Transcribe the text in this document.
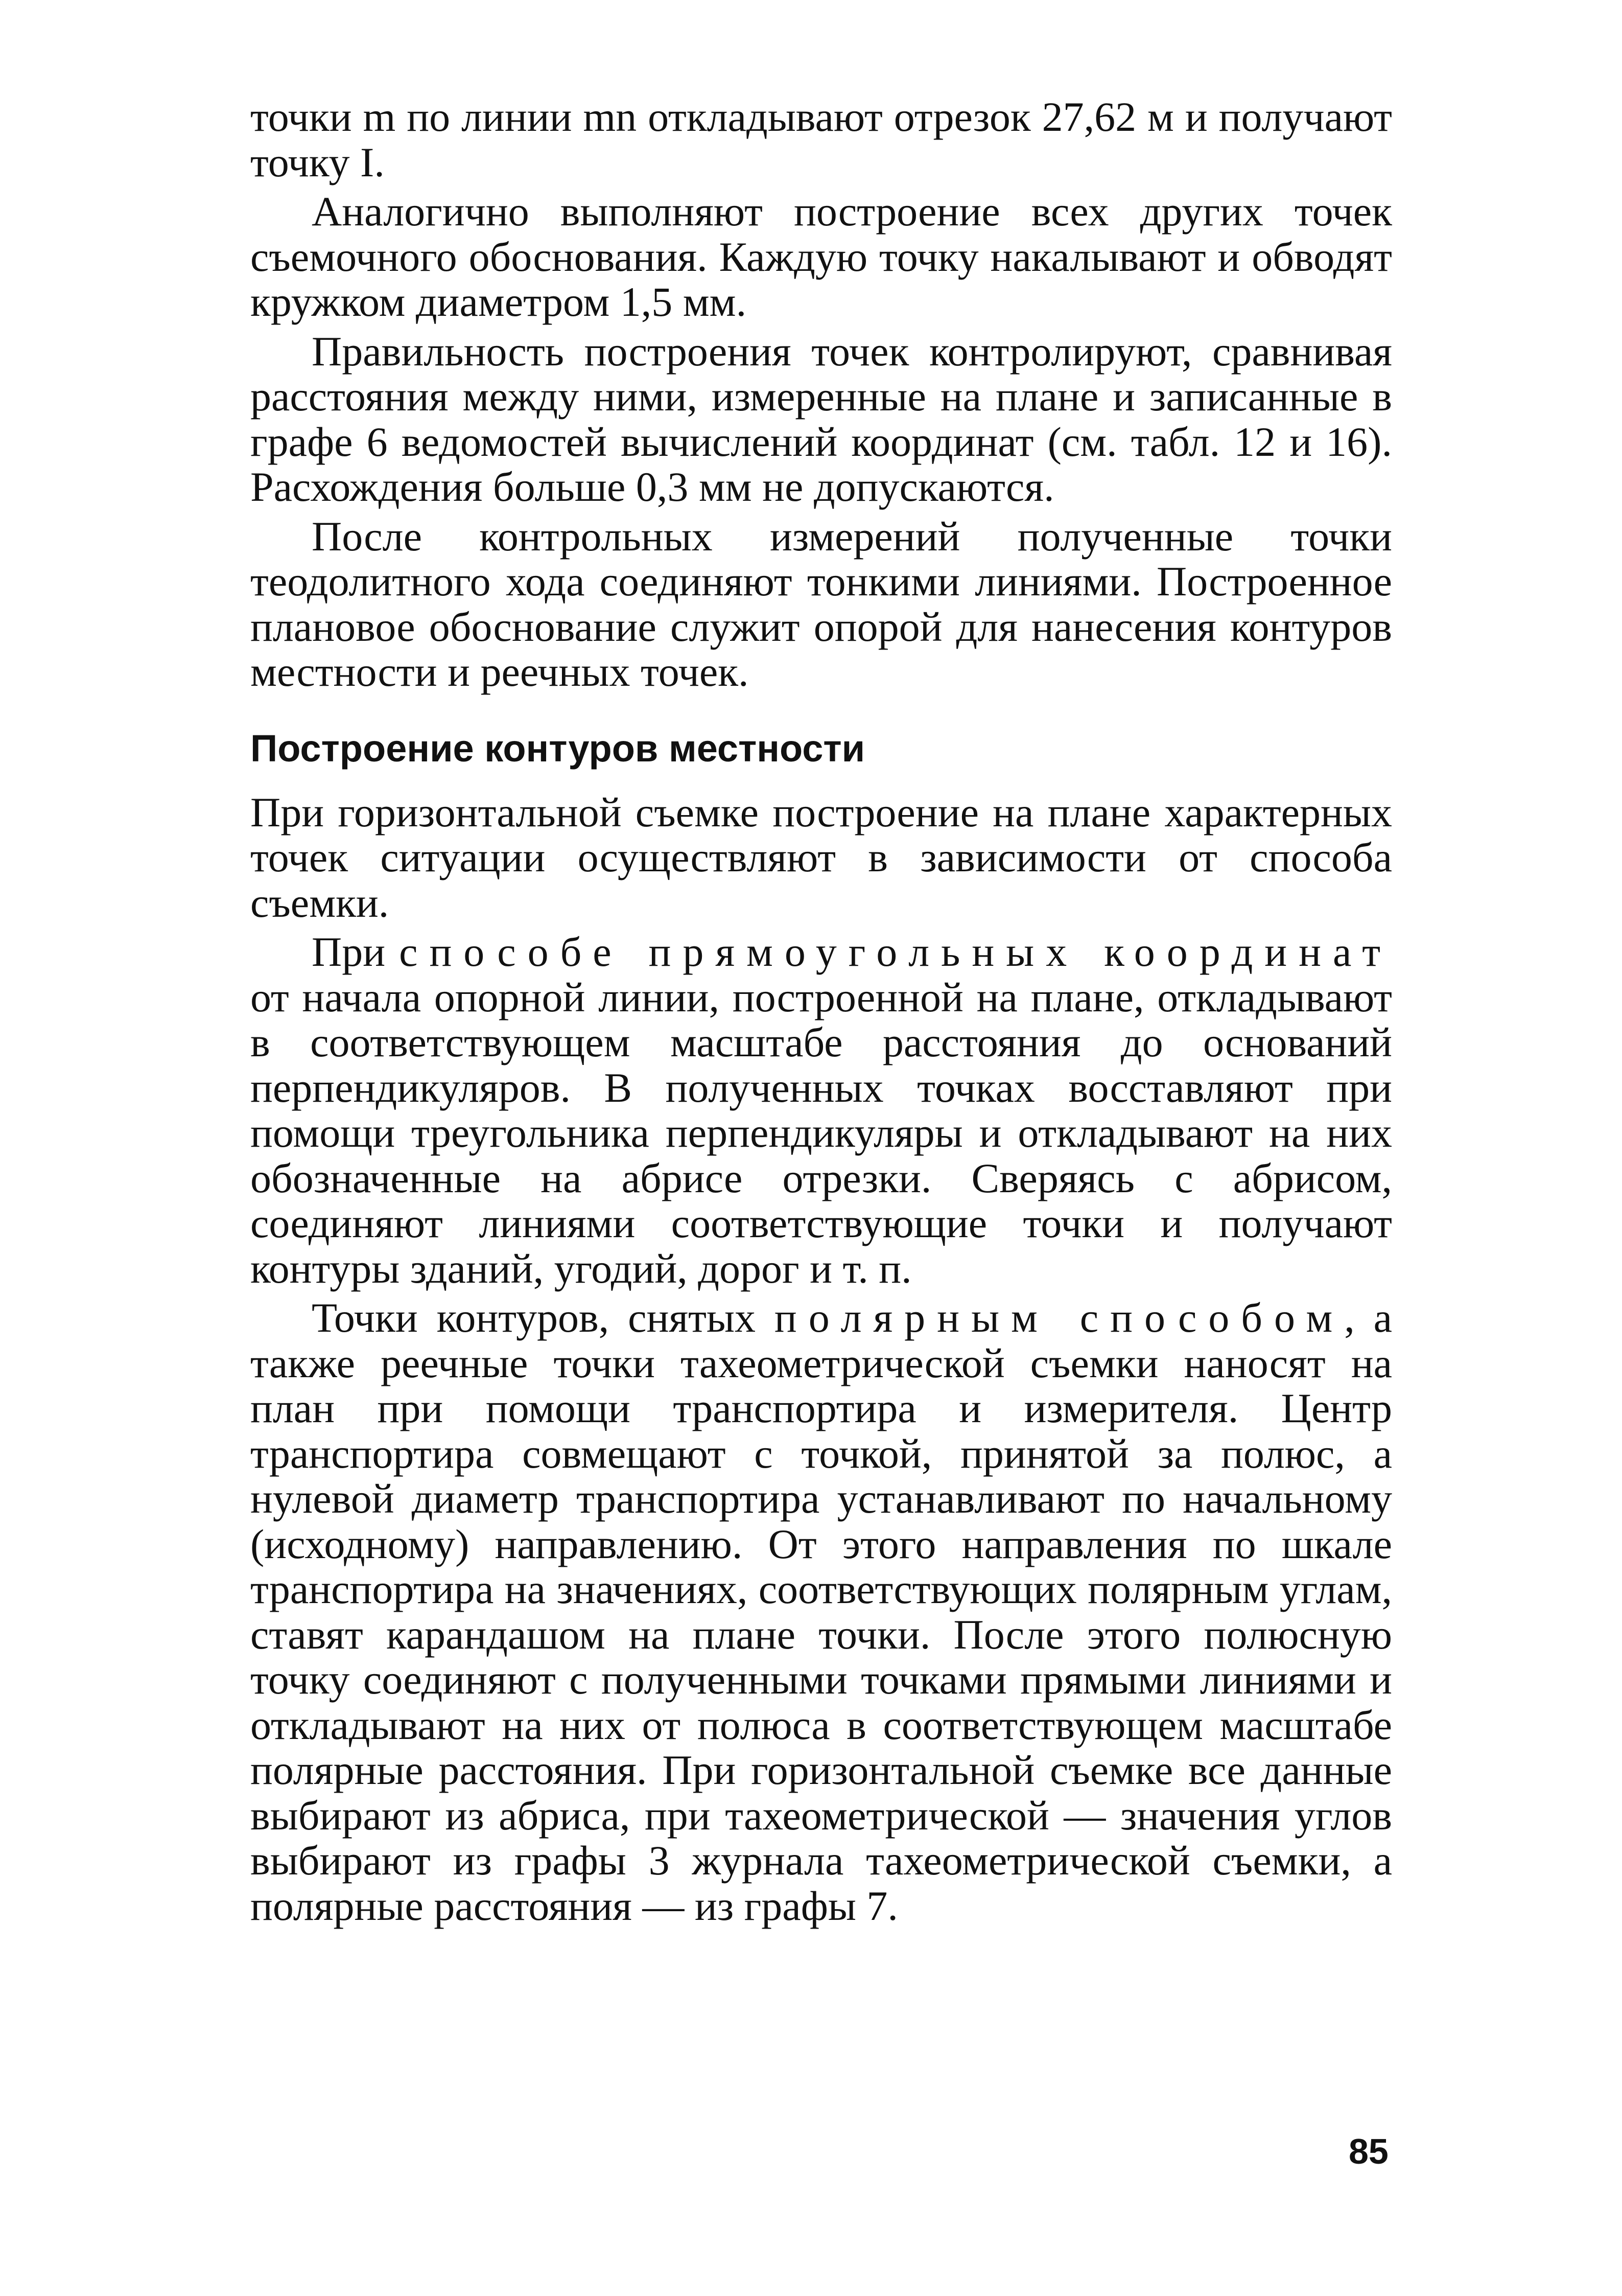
точки m по линии mn откладывают отрезок 27,62 м и получают точку I.

Аналогично выполняют построение всех других точек съемочного обоснования. Каждую точку накалывают и обводят кружком диаметром 1,5 мм.

Правильность построения точек контролируют, сравнивая расстояния между ними, измеренные на плане и записанные в графе 6 ведомостей вычислений координат (см. табл. 12 и 16). Расхождения больше 0,3 мм не допускаются.

После контрольных измерений полученные точки теодолитного хода соединяют тонкими линиями. Построенное плановое обоснование служит опорой для нанесения контуров местности и реечных точек.

Построение контуров местности

При горизонтальной съемке построение на плане характерных точек ситуации осуществляют в зависимости от способа съемки.

При способе прямоугольных координат от начала опорной линии, построенной на плане, откладывают в соответствующем масштабе расстояния до оснований перпендикуляров. В полученных точках восставляют при помощи треугольника перпендикуляры и откладывают на них обозначенные на абрисе отрезки. Сверяясь с абрисом, соединяют линиями соответствующие точки и получают контуры зданий, угодий, дорог и т. п.

Точки контуров, снятых полярным способом, а также реечные точки тахеометрической съемки наносят на план при помощи транспортира и измерителя. Центр транспортира совмещают с точкой, принятой за полюс, а нулевой диаметр транспортира устанавливают по начальному (исходному) направлению. От этого направления по шкале транспортира на значениях, соответствующих полярным углам, ставят карандашом на плане точки. После этого полюсную точку соединяют с полученными точками прямыми линиями и откладывают на них от полюса в соответствующем масштабе полярные расстояния. При горизонтальной съемке все данные выбирают из абриса, при тахеометрической — значения углов выбирают из графы 3 журнала тахеометрической съемки, а полярные расстояния — из графы 7.

85
